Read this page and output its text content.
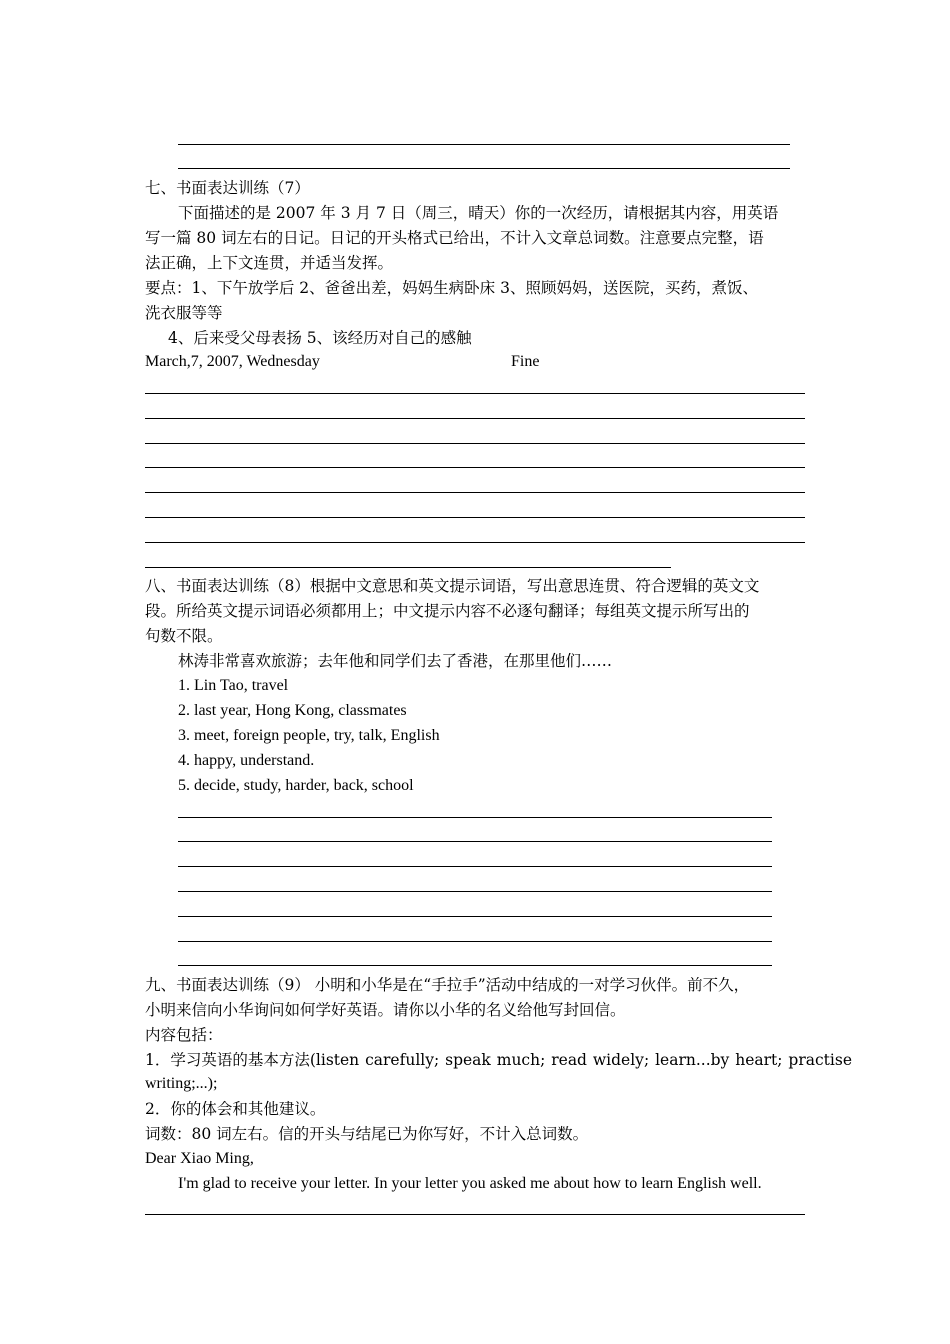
七、书面表达训练（7）
下面描述的是 2007 年 3 月 7 日（周三，晴天）你的一次经历，请根据其内容，用英语
写一篇 80 词左右的日记。日记的开头格式已给出，不计入文章总词数。注意要点完整，语
法正确，上下文连贯，并适当发挥。
要点：1、下午放学后 2、爸爸出差，妈妈生病卧床 3、照顾妈妈，送医院，买药，煮饭、
洗衣服等等
4、后来受父母表扬 5、该经历对自己的感触
March,7, 2007, Wednesday	Fine
八、书面表达训练（8）根据中文意思和英文提示词语，写出意思连贯、符合逻辑的英文文
段。所给英文提示词语必须都用上；中文提示内容不必逐句翻译；每组英文提示所写出的
句数不限。
林涛非常喜欢旅游；去年他和同学们去了香港，在那里他们……
1. Lin Tao, travel
2. last year, Hong Kong, classmates
3. meet, foreign people, try, talk, English
4. happy, understand.
5. decide, study, harder, back, school
九、书面表达训练（9） 小明和小华是在“手拉手”活动中结成的一对学习伙伴。前不久，
小明来信向小华询问如何学好英语。请你以小华的名义给他写封回信。
内容包括：
1．学习英语的基本方法(listen carefully; speak much; read widely; learn...by heart; practise
writing;...);
2．你的体会和其他建议。
词数：80 词左右。信的开头与结尾已为你写好，不计入总词数。
Dear Xiao Ming,
I'm glad to receive your letter. In your letter you asked me about how to learn English well.
